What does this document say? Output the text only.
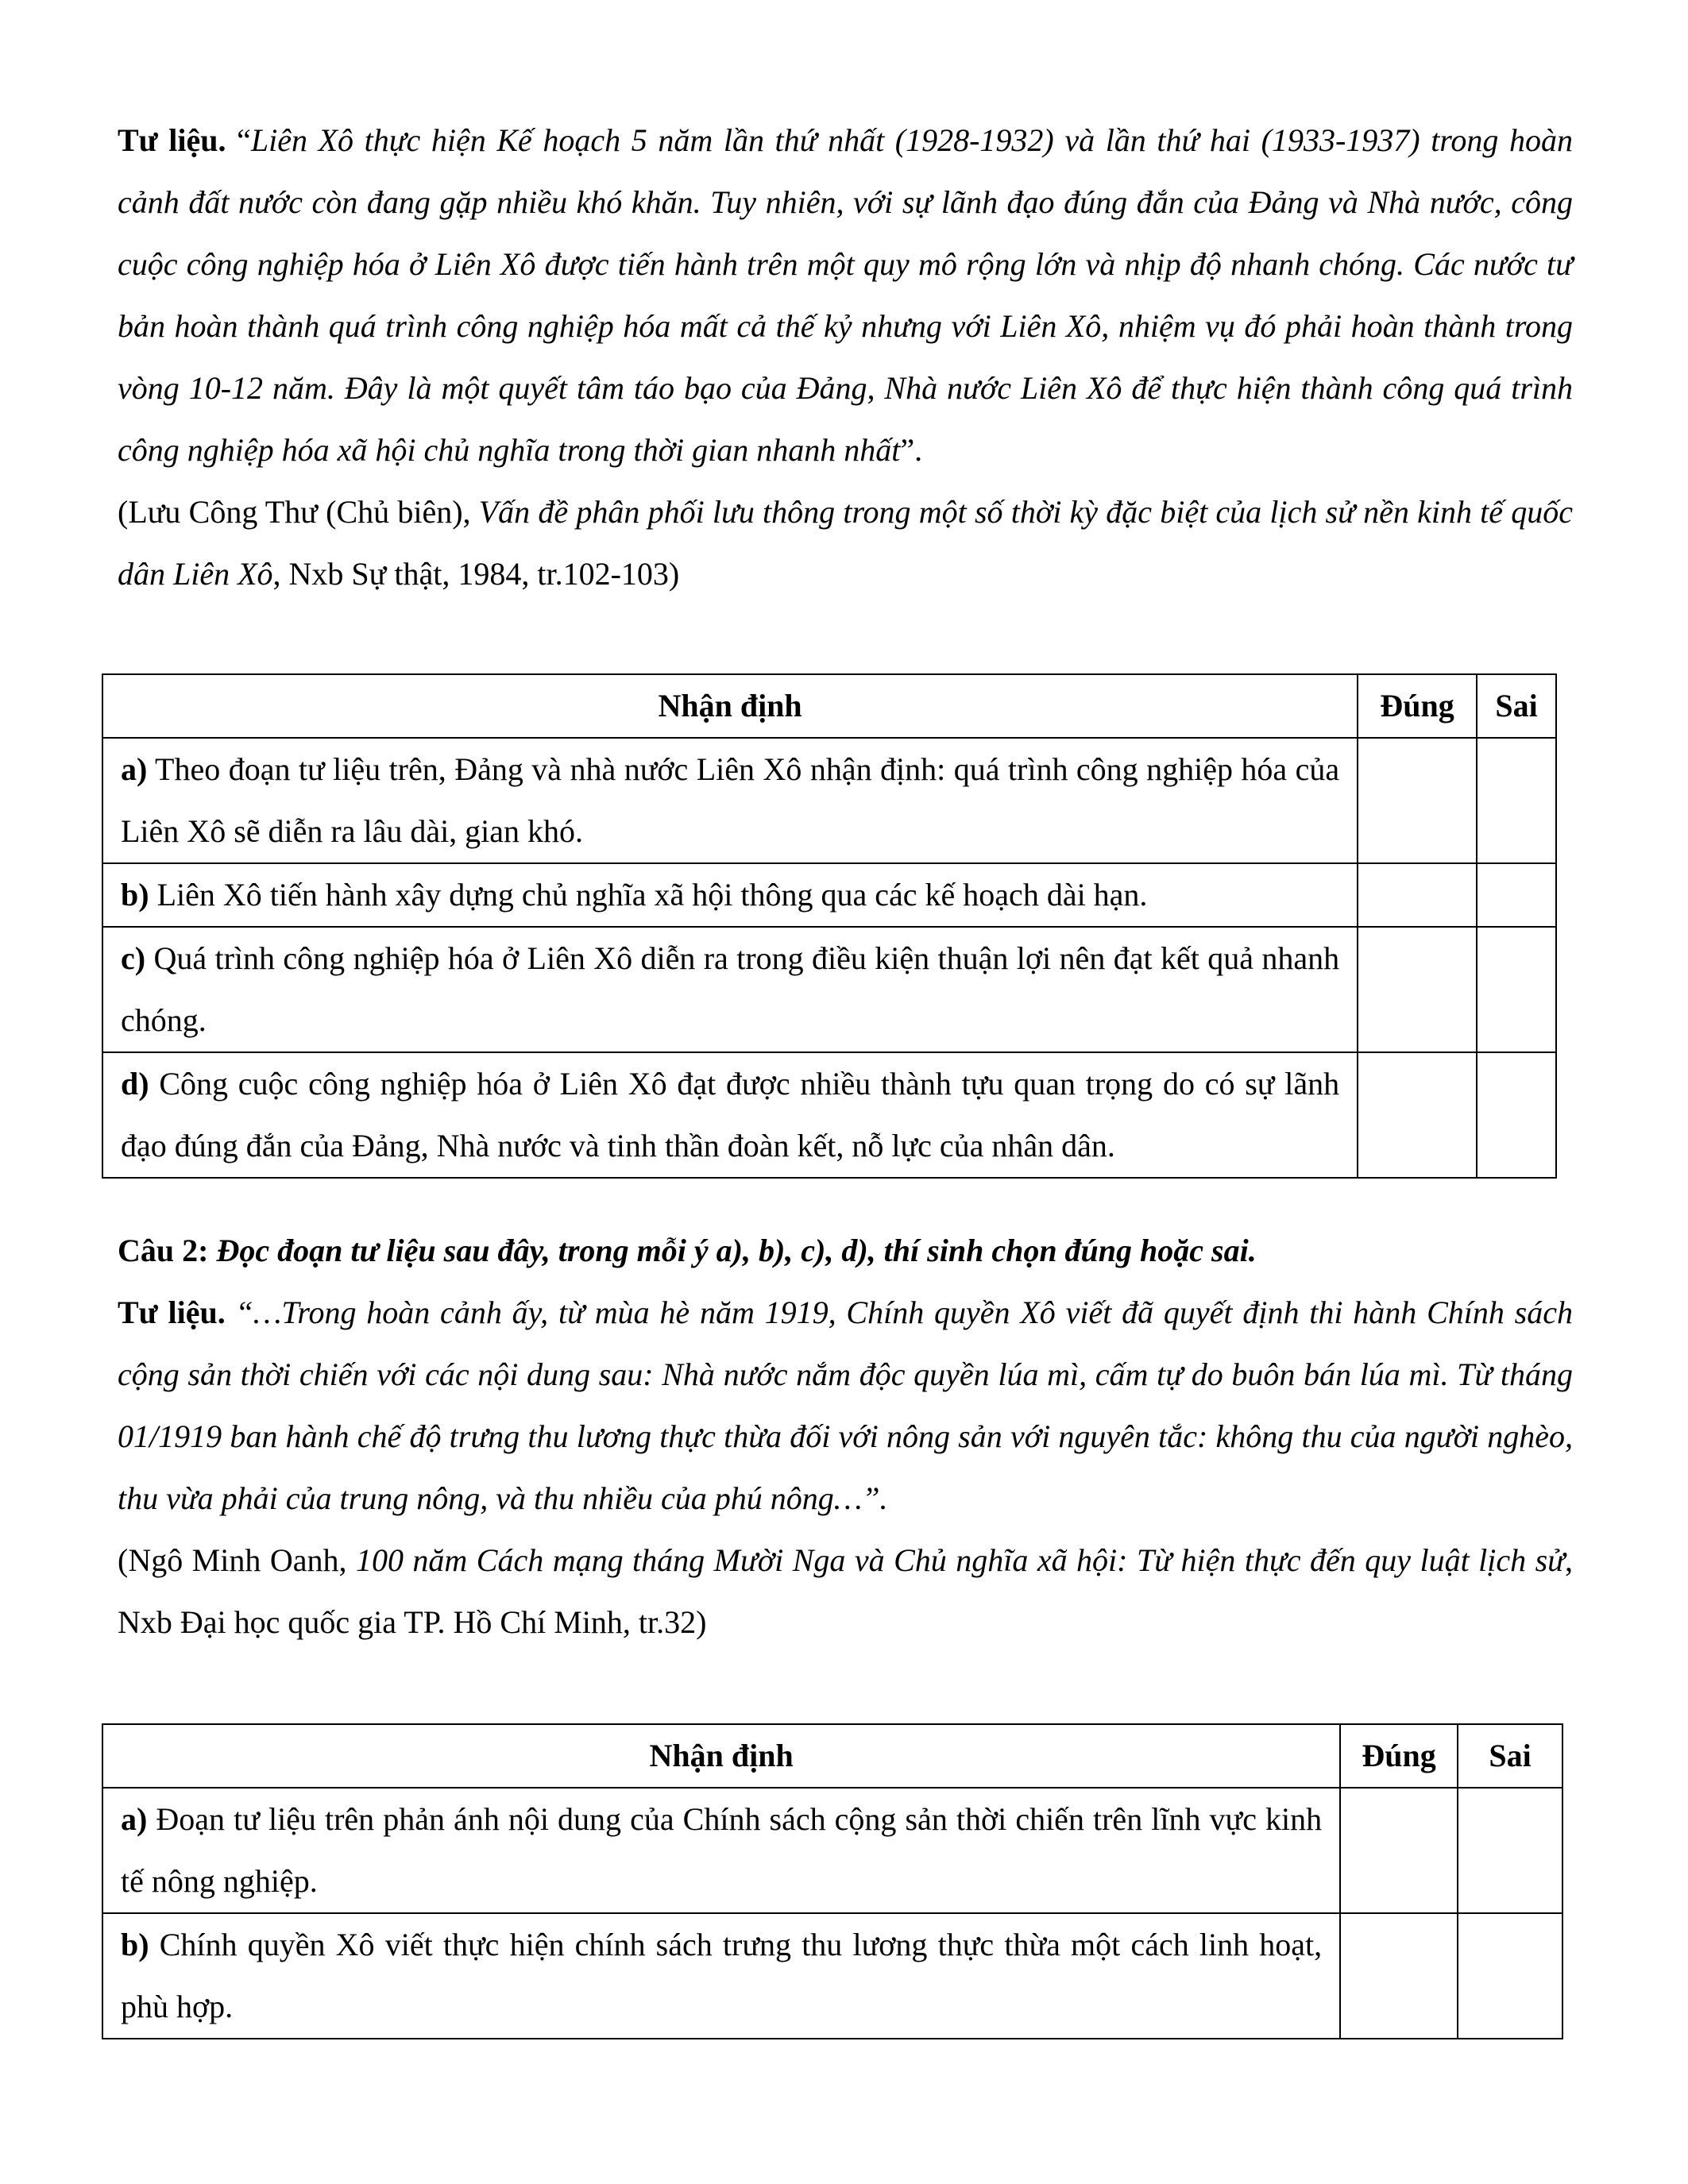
Tư liệu. “Liên Xô thực hiện Kế hoạch 5 năm lần thứ nhất (1928-1932) và lần thứ hai (1933-1937) trong hoàn cảnh đất nước còn đang gặp nhiều khó khăn. Tuy nhiên, với sự lãnh đạo đúng đắn của Đảng và Nhà nước, công cuộc công nghiệp hóa ở Liên Xô được tiến hành trên một quy mô rộng lớn và nhịp độ nhanh chóng. Các nước tư bản hoàn thành quá trình công nghiệp hóa mất cả thế kỷ nhưng với Liên Xô, nhiệm vụ đó phải hoàn thành trong vòng 10-12 năm. Đây là một quyết tâm táo bạo của Đảng, Nhà nước Liên Xô để thực hiện thành công quá trình công nghiệp hóa xã hội chủ nghĩa trong thời gian nhanh nhất”.

(Lưu Công Thư (Chủ biên), Vấn đề phân phối lưu thông trong một số thời kỳ đặc biệt của lịch sử nền kinh tế quốc dân Liên Xô, Nxb Sự thật, 1984, tr.102-103)

Nhận định	Đúng	Sai
a) Theo đoạn tư liệu trên, Đảng và nhà nước Liên Xô nhận định: quá trình công nghiệp hóa của Liên Xô sẽ diễn ra lâu dài, gian khó.		
b) Liên Xô tiến hành xây dựng chủ nghĩa xã hội thông qua các kế hoạch dài hạn.		
c) Quá trình công nghiệp hóa ở Liên Xô diễn ra trong điều kiện thuận lợi nên đạt kết quả nhanh chóng.		
d) Công cuộc công nghiệp hóa ở Liên Xô đạt được nhiều thành tựu quan trọng do có sự lãnh đạo đúng đắn của Đảng, Nhà nước và tinh thần đoàn kết, nỗ lực của nhân dân.		

Câu 2: Đọc đoạn tư liệu sau đây, trong mỗi ý a), b), c), d), thí sinh chọn đúng hoặc sai.

Tư liệu. “…Trong hoàn cảnh ấy, từ mùa hè năm 1919, Chính quyền Xô viết đã quyết định thi hành Chính sách cộng sản thời chiến với các nội dung sau: Nhà nước nắm độc quyền lúa mì, cấm tự do buôn bán lúa mì. Từ tháng 01/1919 ban hành chế độ trưng thu lương thực thừa đối với nông sản với nguyên tắc: không thu của người nghèo, thu vừa phải của trung nông, và thu nhiều của phú nông…”.

(Ngô Minh Oanh, 100 năm Cách mạng tháng Mười Nga và Chủ nghĩa xã hội: Từ hiện thực đến quy luật lịch sử, Nxb Đại học quốc gia TP. Hồ Chí Minh, tr.32)

Nhận định	Đúng	Sai
a) Đoạn tư liệu trên phản ánh nội dung của Chính sách cộng sản thời chiến trên lĩnh vực kinh tế nông nghiệp.		
b) Chính quyền Xô viết thực hiện chính sách trưng thu lương thực thừa một cách linh hoạt, phù hợp.		
